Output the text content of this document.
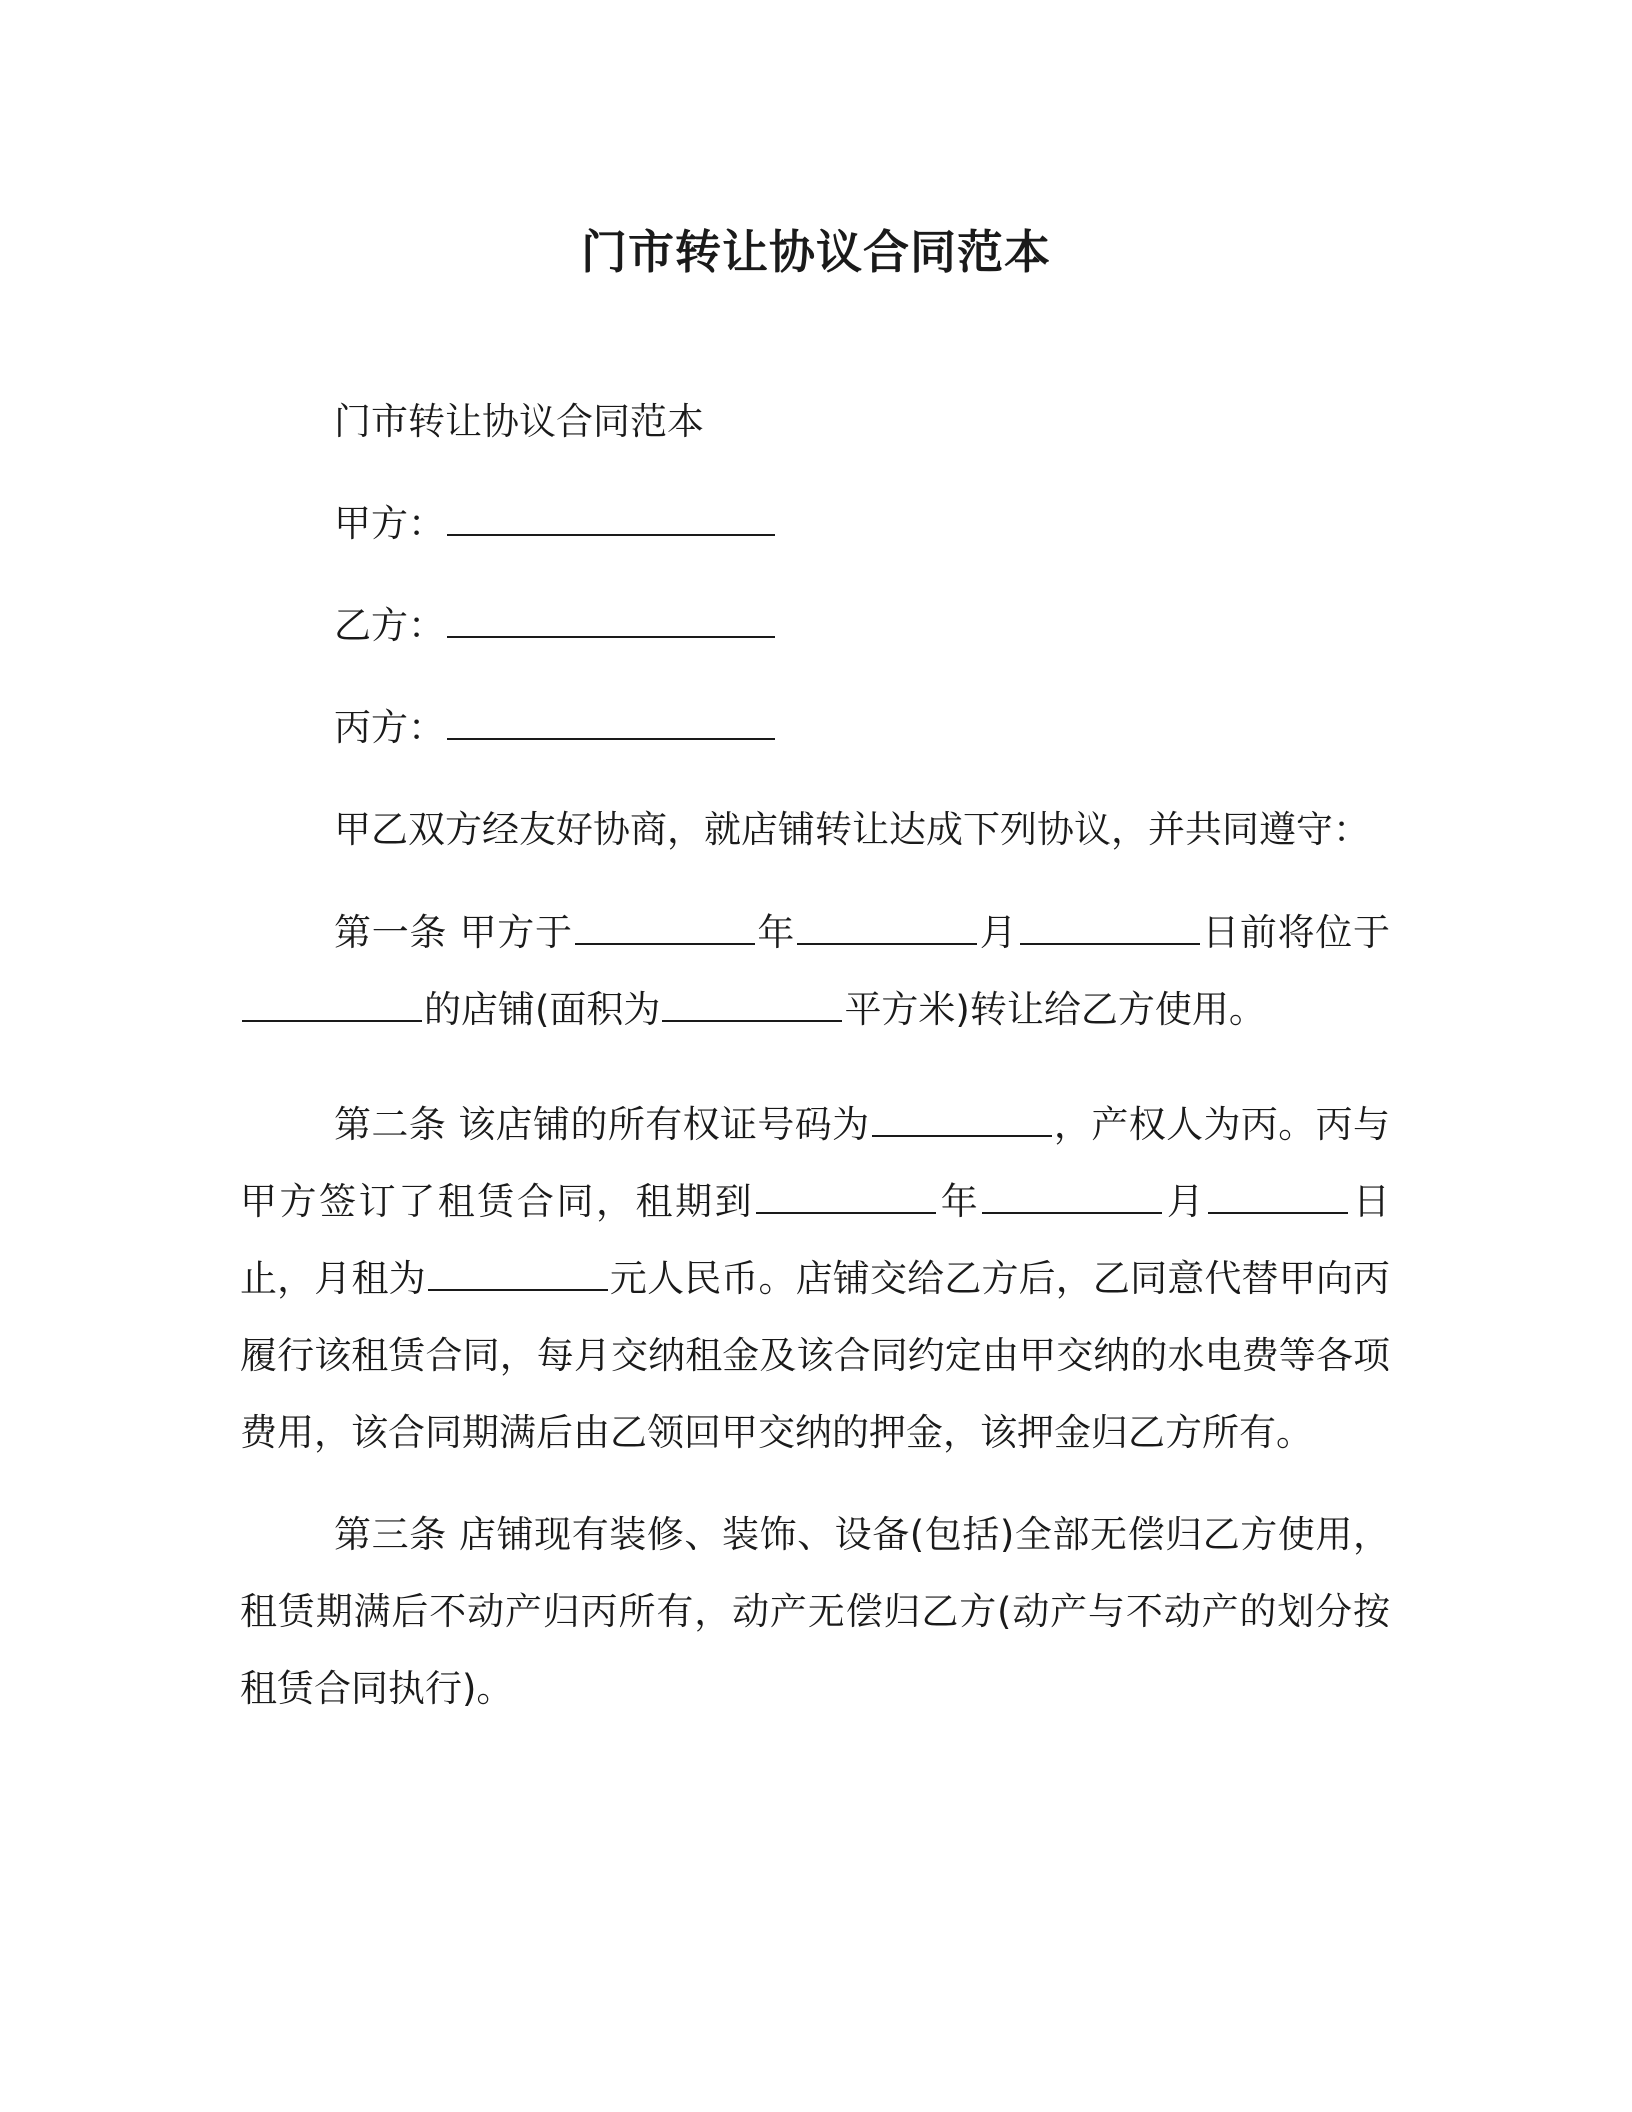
门市转让协议合同范本

门市转让协议合同范本

甲方：

乙方：

丙方：

甲乙双方经友好协商，就店铺转让达成下列协议，并共同遵守：

第一条 甲方于	年	月	日前将位于的店铺(面积为	平方米)转让给乙方使用。

第二条 该店铺的所有权证号码为	，产权人为丙。丙与甲方签订了租赁合同，租期到	年	月	日止，月租为	元人民币。店铺交给乙方后，乙同意代替甲向丙履行该租赁合同，每月交纳租金及该合同约定由甲交纳的水电费等各项费用，该合同期满后由乙领回甲交纳的押金，该押金归乙方所有。

第三条 店铺现有装修、装饰、设备(包括)全部无偿归乙方使用，租赁期满后不动产归丙所有，动产无偿归乙方(动产与不动产的划分按租赁合同执行)。
